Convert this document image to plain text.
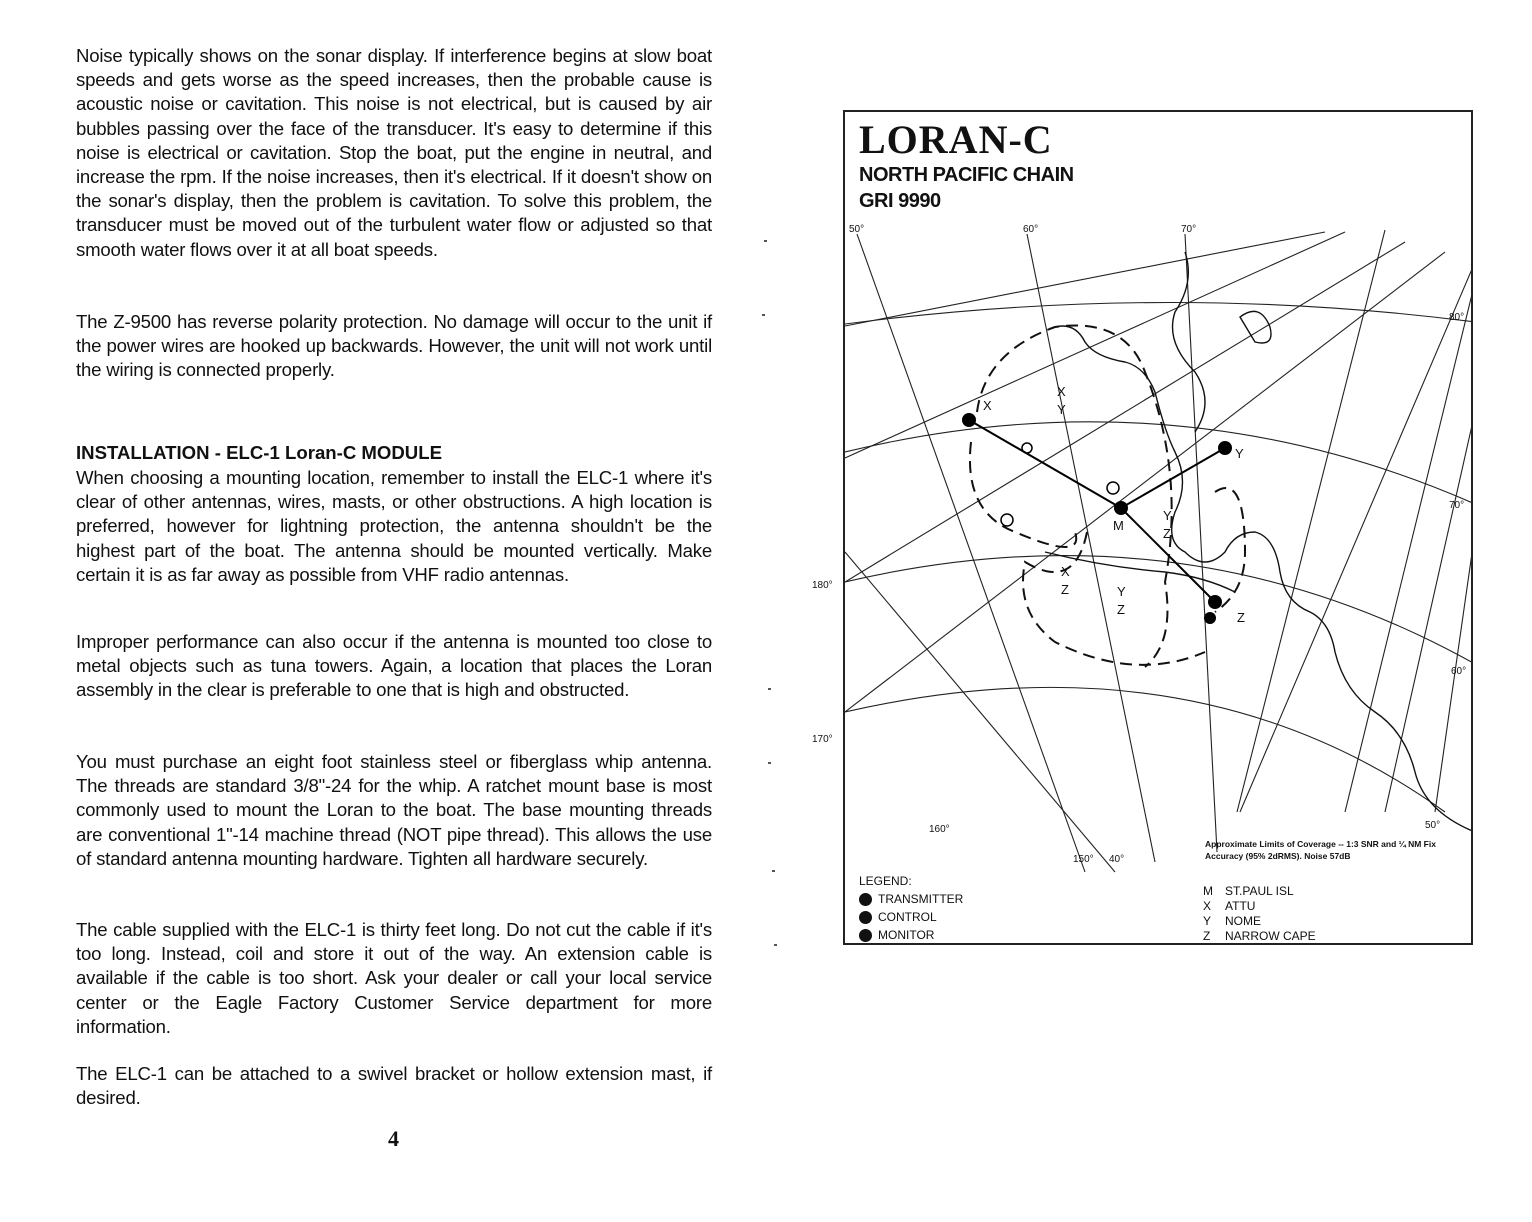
Noise typically shows on the sonar display. If interference begins at slow boat speeds and gets worse as the speed increases, then the probable cause is acoustic noise or cavitation. This noise is not electrical, but is caused by air bubbles passing over the face of the transducer. It's easy to determine if this noise is electrical or cavitation. Stop the boat, put the engine in neutral, and increase the rpm. If the noise increases, then it's electrical. If it doesn't show on the sonar's display, then the problem is cavitation. To solve this problem, the transducer must be moved out of the turbulent water flow or adjusted so that smooth water flows over it at all boat speeds.

The Z-9500 has reverse polarity protection. No damage will occur to the unit if the power wires are hooked up backwards. However, the unit will not work until the wiring is connected properly.

INSTALLATION - ELC-1 Loran-C MODULE

When choosing a mounting location, remember to install the ELC-1 where it's clear of other antennas, wires, masts, or other obstructions. A high location is preferred, however for lightning protection, the antenna shouldn't be the highest part of the boat. The antenna should be mounted vertically. Make certain it is as far away as possible from VHF radio antennas.

Improper performance can also occur if the antenna is mounted too close to metal objects such as tuna towers. Again, a location that places the Loran assembly in the clear is preferable to one that is high and obstructed.

You must purchase an eight foot stainless steel or fiberglass whip antenna. The threads are standard 3/8"-24 for the whip. A ratchet mount base is most commonly used to mount the Loran to the boat. The base mounting threads are conventional 1"-14 machine thread (NOT pipe thread). This allows the use of standard antenna mounting hardware. Tighten all hardware securely.

The cable supplied with the ELC-1 is thirty feet long. Do not cut the cable if it's too long. Instead, coil and store it out of the way. An extension cable is available if the cable is too short. Ask your dealer or call your local service center or the Eagle Factory Customer Service department for more information.

The ELC-1 can be attached to a swivel bracket or hollow extension mast, if desired.

4
180°
170°
LORAN-C
NORTH PACIFIC CHAIN
GRI 9990
50°	60°	70°
80°
70°
60°
160°
150° 40°
50°
X
X
Y
M
Y
Z
Y
X
Z	Y
Z
Z
Approximate Limits of Coverage -- 1:3 SNR and ¼ NM Fix Accuracy (95% 2dRMS). Noise 57dB
LEGEND:
TRANSMITTER
CONTROL
MONITOR
M ST.PAUL ISL
X ATTU
Y NOME
Z NARROW CAPE
